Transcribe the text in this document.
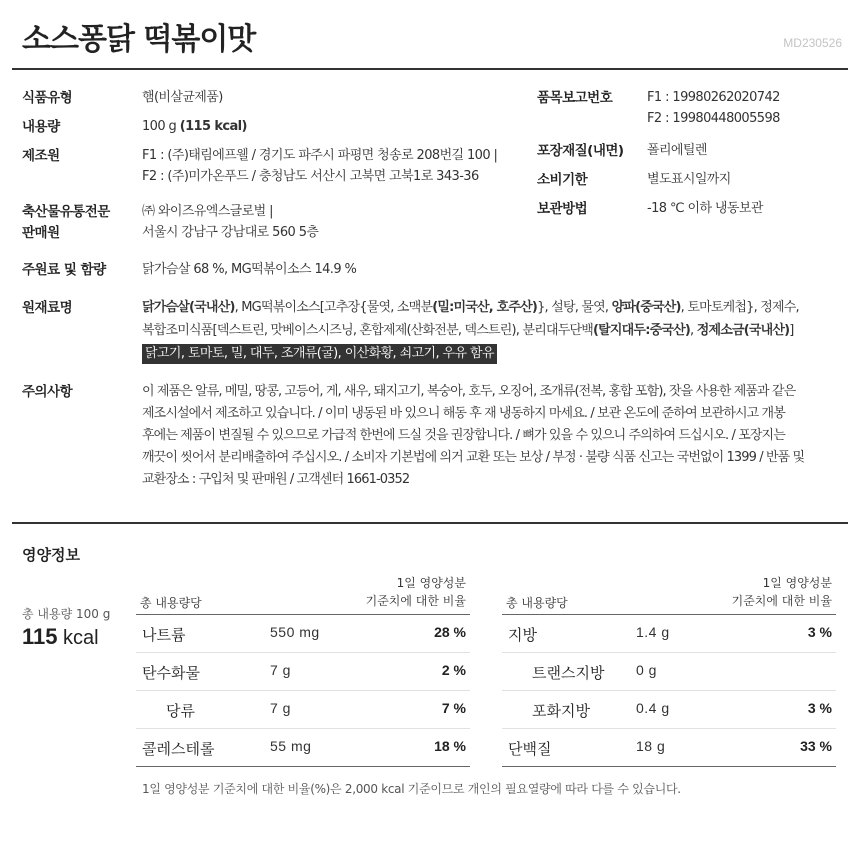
소스퐁닭 떡볶이맛	MD230526
식품유형	햄(비살균제품)
내용량	100 g (115 kcal)
제조원	F1 : (주)태림에프웰 / 경기도 파주시 파평면 청송로 208번길 100 |
F2 : (주)미가온푸드 / 충청남도 서산시 고북면 고북1로 343-36
축산물유통전문
판매원
㈜ 와이즈유엑스글로벌 |
서울시 강남구 강남대로 560 5층
주원료 및 함량	닭가슴살 68 %, MG떡볶이소스 14.9 %
원재료명	닭가슴살(국내산), MG떡볶이소스[고추장{물엿, 소맥분(밀:미국산, 호주산)}, 설탕, 물엿, 양파(중국산), 토마토케첩}, 정제수,
복합조미식품[덱스트린, 맛베이스시즈닝, 혼합제제(산화전분, 덱스트린), 분리대두단백(탈지대두:중국산), 정제소금(국내산)]
닭고기, 토마토, 밀, 대두, 조개류(굴), 이산화황, 쇠고기, 우유 함유
주의사항	이 제품은 알류, 메밀, 땅콩, 고등어, 게, 새우, 돼지고기, 복숭아, 호두, 오징어, 조개류(전복, 홍합 포함), 잣을 사용한 제품과 같은
제조시설에서 제조하고 있습니다. / 이미 냉동된 바 있으니 해동 후 재 냉동하지 마세요. / 보관 온도에 준하여 보관하시고 개봉
후에는 제품이 변질될 수 있으므로 가급적 한번에 드실 것을 권장합니다. / 뼈가 있을 수 있으니 주의하여 드십시오. / 포장지는
깨끗이 씻어서 분리배출하여 주십시오. / 소비자 기본법에 의거 교환 또는 보상 / 부정 · 불량 식품 신고는 국번없이 1399 / 반품 및
교환장소 : 구입처 및 판매원 / 고객센터 1661-0352
품목보고번호	F1 : 19980262020742
F2 : 19980448005598
포장재질(내면) 폴리에틸렌
소비기한	별도표시일까지
보관방법	-18 ℃ 이하 냉동보관
영양정보
총 내용량 100 g
115 kcal
총 내용량당
1일 영양성분
기준치에 대한 비율
나트륨	550 mg	28 %
탄수화물	7 g	2 %
당류	7 g	7 %
콜레스테롤	55 mg	18 %
총 내용량당
1일 영양성분
기준치에 대한 비율
지방	1.4 g	3 %
트랜스지방 0 g
포화지방	0.4 g	3 %
단백질	18 g	33 %
1일 영양성분 기준치에 대한 비율(%)은 2,000 kcal 기준이므로 개인의 필요열량에 따라 다를 수 있습니다.
